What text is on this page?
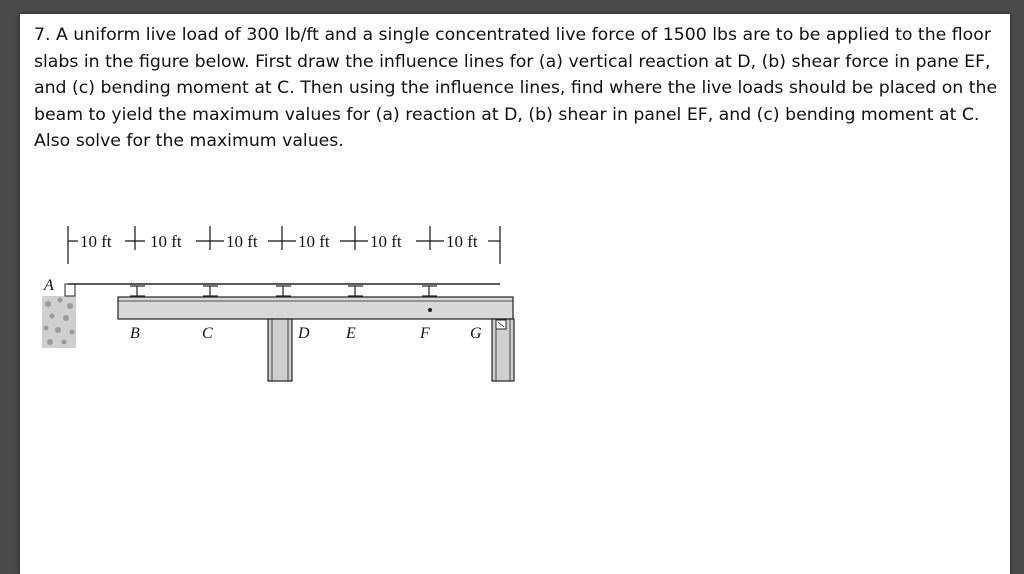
7. A uniform live load of 300 lb/ft and a single concentrated live force of 1500 lbs are to be applied to the floor slabs in the figure below. First draw the influence lines for (a) vertical reaction at D, (b) shear force in pane EF, and (c) bending moment at C. Then using the influence lines, find where the live loads should be placed on the beam to yield the maximum values for (a) reaction at D, (b) shear in panel EF, and (c) bending moment at C. Also solve for the maximum values.

10 ft 10 ft	10 ft 10 ft 10 ft	10 ft
A
B	C	D E	F	G
